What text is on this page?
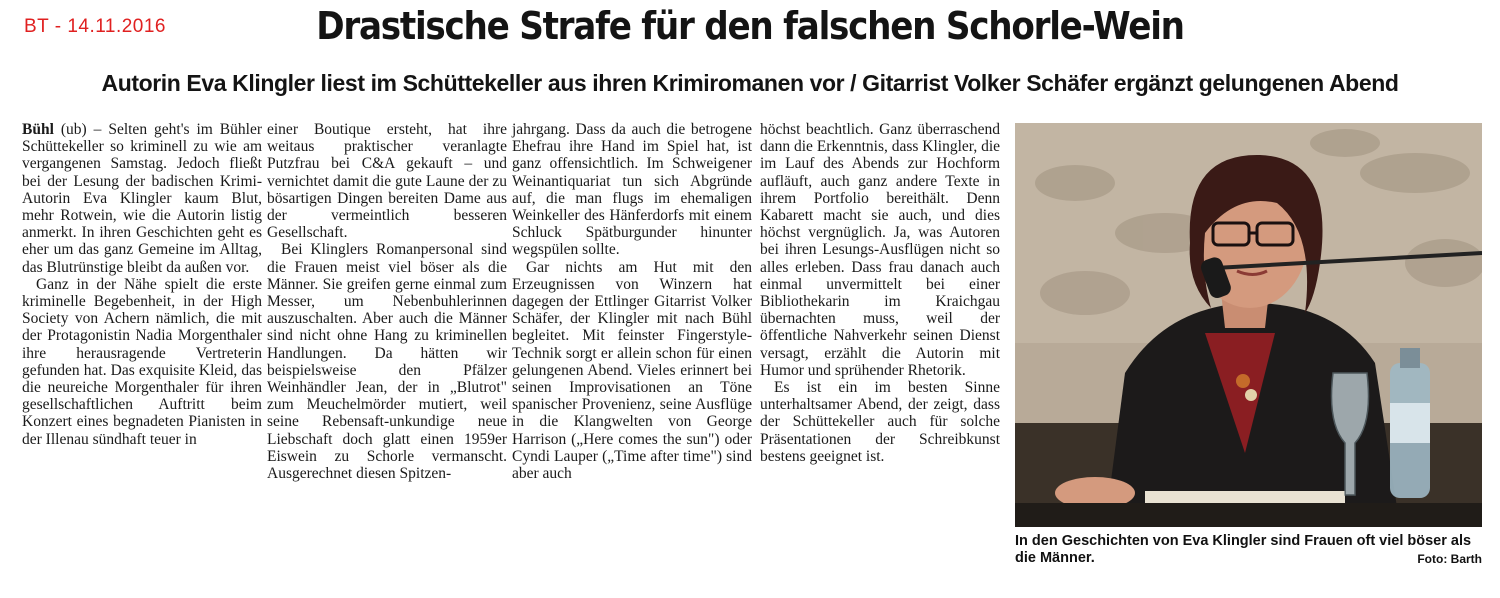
BT - 14.11.2016	Drastische Strafe für den falschen Schorle-Wein
Autorin Eva Klingler liest im Schüttekeller aus ihren Krimiromanen vor / Gitarrist Volker Schäfer ergänzt gelungenen Abend

Bühl (ub) – Selten geht's im Bühler Schüttekeller so kriminell zu wie am vergangenen Samstag. Jedoch fließt bei der Lesung der badischen Krimi-Autorin Eva Klingler kaum Blut, mehr Rotwein, wie die Autorin listig anmerkt. In ihren Geschichten geht es eher um das ganz Gemeine im Alltag, das Blutrünstige bleibt da außen vor.

Ganz in der Nähe spielt die erste kriminelle Begebenheit, in der High Society von Achern nämlich, die mit der Protagonistin Nadia Morgenthaler ihre herausragende Vertreterin gefunden hat. Das exquisite Kleid, das die neureiche Morgenthaler für ihren gesellschaftlichen Auftritt beim Konzert eines begnadeten Pianisten in der Illenau sündhaft teuer in

einer Boutique ersteht, hat ihre weitaus praktischer veranlagte Putzfrau bei C&A gekauft – und vernichtet damit die gute Laune der zu bösartigen Dingen bereiten Dame aus der vermeintlich besseren Gesellschaft.

Bei Klinglers Romanpersonal sind die Frauen meist viel böser als die Männer. Sie greifen gerne einmal zum Messer, um Nebenbuhlerinnen auszuschalten. Aber auch die Männer sind nicht ohne Hang zu kriminellen Handlungen. Da hätten wir beispielsweise den Pfälzer Weinhändler Jean, der in „Blutrot" zum Meuchelmörder mutiert, weil seine Rebensaft-unkundige neue Liebschaft doch glatt einen 1959er Eiswein zu Schorle vermanscht. Ausgerechnet diesen Spitzen-

jahrgang. Dass da auch die betrogene Ehefrau ihre Hand im Spiel hat, ist ganz offensichtlich. Im Schweigener Weinantiquariat tun sich Abgründe auf, die man flugs im ehemaligen Weinkeller des Hänferdorfs mit einem Schluck Spätburgunder hinunter wegspülen sollte.

Gar nichts am Hut mit den Erzeugnissen von Winzern hat dagegen der Ettlinger Gitarrist Volker Schäfer, der Klingler mit nach Bühl begleitet. Mit feinster Fingerstyle-Technik sorgt er allein schon für einen gelungenen Abend. Vieles erinnert bei seinen Improvisationen an Töne spanischer Provenienz, seine Ausflüge in die Klangwelten von George Harrison („Here comes the sun") oder Cyndi Lauper („Time after time") sind aber auch

höchst beachtlich. Ganz überraschend dann die Erkenntnis, dass Klingler, die im Lauf des Abends zur Hochform aufläuft, auch ganz andere Texte in ihrem Portfolio bereithält. Denn Kabarett macht sie auch, und dies höchst vergnüglich. Ja, was Autoren bei ihren Lesungs-Ausflügen nicht so alles erleben. Dass frau danach auch einmal unvermittelt bei einer Bibliothekarin im Kraichgau übernachten muss, weil der öffentliche Nahverkehr seinen Dienst versagt, erzählt die Autorin mit Humor und sprühender Rhetorik.

Es ist ein im besten Sinne unterhaltsamer Abend, der zeigt, dass der Schüttekeller auch für solche Präsentationen der Schreibkunst bestens geeignet ist.

In den Geschichten von Eva Klingler sind Frauen oft viel böser als die Männer.	Foto: Barth
